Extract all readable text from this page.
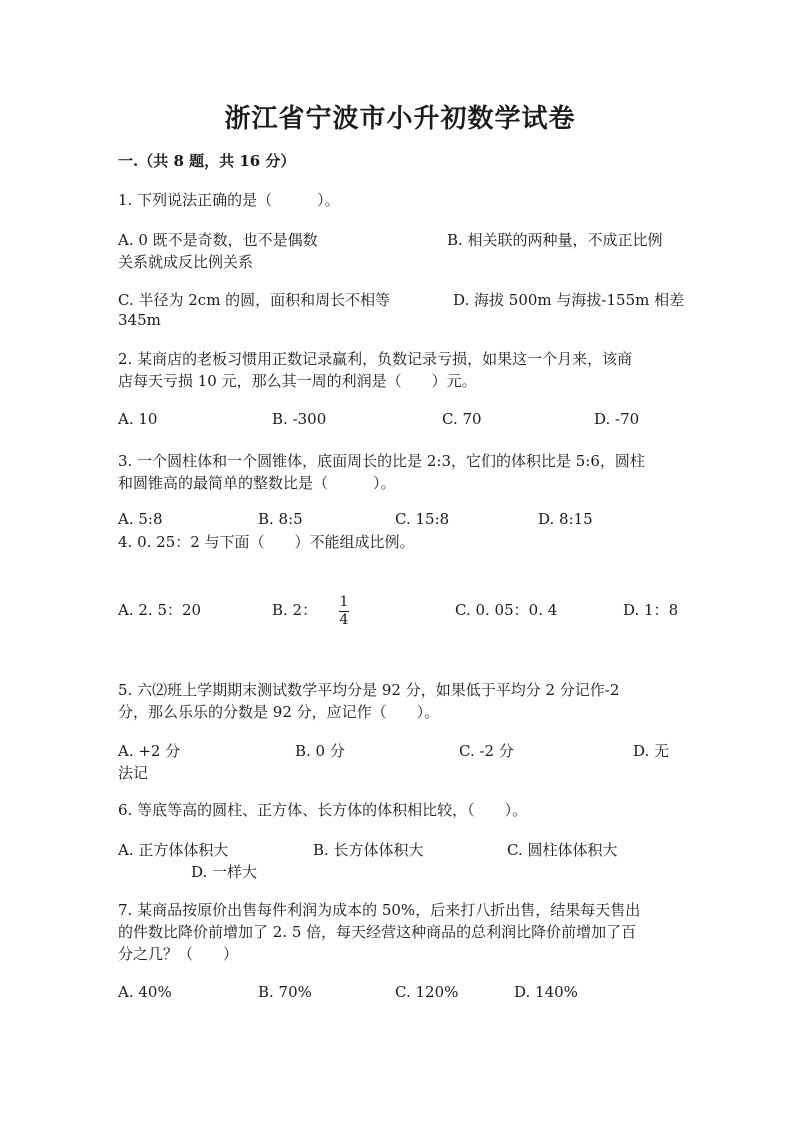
浙江省宁波市小升初数学试卷
一.（共 8 题，共 16 分）
1. 下列说法正确的是（　　　）。
A. 0 既不是奇数，也不是偶数	B. 相关联的两种量，不成正比例
关系就成反比例关系
C. 半径为 2cm 的圆，面积和周长不相等	D. 海拔 500m 与海拔-155m 相差
345m
2. 某商店的老板习惯用正数记录赢利，负数记录亏损，如果这一个月来，该商
店每天亏损 10 元，那么其一周的利润是（　　）元。
A. 10	B. -300	C. 70	D. -70
3. 一个圆柱体和一个圆锥体，底面周长的比是 2:3，它们的体积比是 5:6，圆柱
和圆锥高的最简单的整数比是（　　　）。
A. 5:8	B. 8:5	C. 15:8	D. 8:15
4. 0. 25：2 与下面（　　）不能组成比例。
A. 2. 5：20	B. 2： 1
4
C. 0. 05：0. 4	D. 1：8
5. 六⑵班上学期期末测试数学平均分是 92 分，如果低于平均分 2 分记作-2
分，那么乐乐的分数是 92 分，应记作（　　）。
A. +2 分	B. 0 分	C. -2 分	D. 无
法记
6. 等底等高的圆柱、正方体、长方体的体积相比较，（　　）。
A. 正方体体积大	B. 长方体体积大	C. 圆柱体体积大
D. 一样大
7. 某商品按原价出售每件利润为成本的 50%，后来打八折出售，结果每天售出
的件数比降价前增加了 2. 5 倍，每天经营这种商品的总利润比降价前增加了百
分之几？（　　）
A. 40%	B. 70%	C. 120%	D. 140%
